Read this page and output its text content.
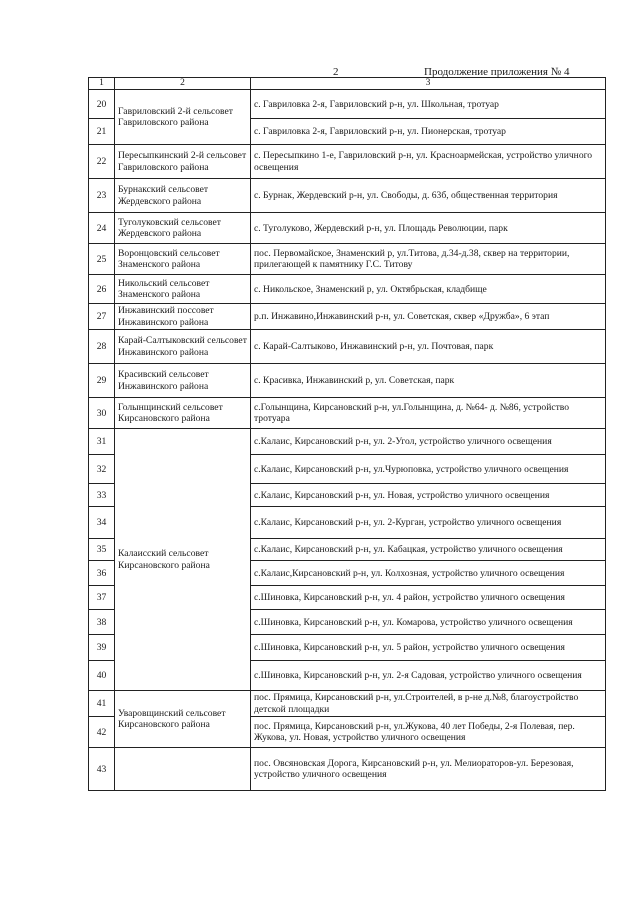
2	Продолжение приложения № 4
1	2	3
20	Гавриловский 2-й сельсовет Гавриловского района	с. Гавриловка 2-я, Гавриловский р-н, ул. Школьная, тротуар
21		с. Гавриловка 2-я, Гавриловский р-н, ул. Пионерская, тротуар
22	Пересыпкинский 2-й сельсовет Гавриловского района	с. Пересыпкино 1-е, Гавриловский р-н, ул. Красноармейская, устройство уличного освещения
23	Бурнакский сельсовет Жердевского района	с. Бурнак, Жердевский р-н, ул. Свободы, д. 63б, общественная территория
24	Туголуковский сельсовет Жердевского района	с. Туголуково, Жердевский р-н, ул. Площадь Революции, парк
25	Воронцовский сельсовет Знаменского района	пос. Первомайское, Знаменский р, ул.Титова, д.34-д.38, сквер на территории, прилегающей к памятнику Г.С. Титову
26	Никольский сельсовет Знаменского района	с. Никольское, Знаменский р, ул. Октябрьская, кладбище
27	Инжавинский поссовет Инжавинского района	р.п. Инжавино,Инжавинский р-н, ул. Советская, сквер «Дружба», 6 этап
28	Карай-Салтыковский сельсовет Инжавинского района	с. Карай-Салтыково, Инжавинский р-н, ул. Почтовая, парк
29	Красивский сельсовет Инжавинского района	с. Красивка, Инжавинский р, ул. Советская, парк
30	Голынщинский сельсовет Кирсановского района	с.Голынщина, Кирсановский р-н, ул.Голынщина, д. №64- д. №86, устройство тротуара
31	Калаисский сельсовет Кирсановского района	с.Калаис, Кирсановский р-н, ул. 2-Угол, устройство уличного освещения
32		с.Калаис, Кирсановский р-н, ул.Чурюповка, устройство уличного освещения
33		с.Калаис, Кирсановский р-н, ул. Новая, устройство уличного освещения
34		с.Калаис, Кирсановский р-н, ул. 2-Курган, устройство уличного освещения
35		с.Калаис, Кирсановский р-н, ул. Кабацкая, устройство уличного освещения
36		с.Калаис,Кирсановский р-н, ул. Колхозная, устройство уличного освещения
37		с.Шиновка, Кирсановский р-н, ул. 4 район, устройство уличного освещения
38		с.Шиновка, Кирсановский р-н, ул. Комарова, устройство уличного освещения
39		с.Шиновка, Кирсановский р-н, ул. 5 район, устройство уличного освещения
40		с.Шиновка, Кирсановский р-н, ул. 2-я Садовая, устройство уличного освещения
41	Уваровщинский сельсовет Кирсановского района	пос. Прямица, Кирсановский р-н, ул.Строителей, в р-не д.№8, благоустройство детской площадки
42		пос. Прямица, Кирсановский р-н, ул.Жукова, 40 лет Победы, 2-я Полевая, пер. Жукова, ул. Новая, устройство уличного освещения
43		пос. Овсяновская Дорога, Кирсановский р-н, ул. Мелиораторов-ул. Березовая, устройство уличного освещения
